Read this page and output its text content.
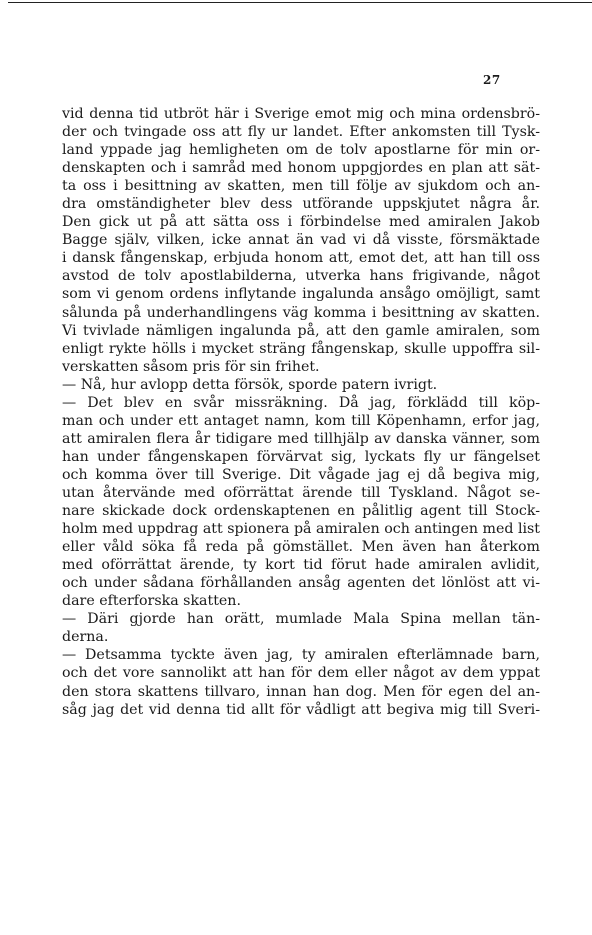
27
vid denna tid utbröt här i Sverige emot mig och mina ordensbrö-
der och tvingade oss att fly ur landet. Efter ankomsten till Tysk-
land yppade jag hemligheten om de tolv apostlarne för min or-
denskapten och i samråd med honom uppgjordes en plan att sät-
ta oss i besittning av skatten, men till följe av sjukdom och an-
dra omständigheter blev dess utförande uppskjutet några år.
Den gick ut på att sätta oss i förbindelse med amiralen Jakob
Bagge själv, vilken, icke annat än vad vi då visste, försmäktade
i dansk fångenskap, erbjuda honom att, emot det, att han till oss
avstod de tolv apostlabilderna, utverka hans frigivande, något
som vi genom ordens inflytande ingalunda ansågo omöjligt, samt
sålunda på underhandlingens väg komma i besittning av skatten.
Vi tvivlade nämligen ingalunda på, att den gamle amiralen, som
enligt rykte hölls i mycket sträng fångenskap, skulle uppoffra sil-
verskatten såsom pris för sin frihet.
— Nå, hur avlopp detta försök, sporde patern ivrigt.
— Det blev en svår missräkning. Då jag, förklädd till köp-
man och under ett antaget namn, kom till Köpenhamn, erfor jag,
att amiralen flera år tidigare med tillhjälp av danska vänner, som
han under fångenskapen förvärvat sig, lyckats fly ur fängelset
och komma över till Sverige. Dit vågade jag ej då begiva mig,
utan återvände med oförrättat ärende till Tyskland. Något se-
nare skickade dock ordenskaptenen en pålitlig agent till Stock-
holm med uppdrag att spionera på amiralen och antingen med list
eller våld söka få reda på gömstället. Men även han återkom
med oförrättat ärende, ty kort tid förut hade amiralen avlidit,
och under sådana förhållanden ansåg agenten det lönlöst att vi-
dare efterforska skatten.
— Däri gjorde han orätt, mumlade Mala Spina mellan tän-
derna.
— Detsamma tyckte även jag, ty amiralen efterlämnade barn,
och det vore sannolikt att han för dem eller något av dem yppat
den stora skattens tillvaro, innan han dog. Men för egen del an-
såg jag det vid denna tid allt för vådligt att begiva mig till Sveri-
